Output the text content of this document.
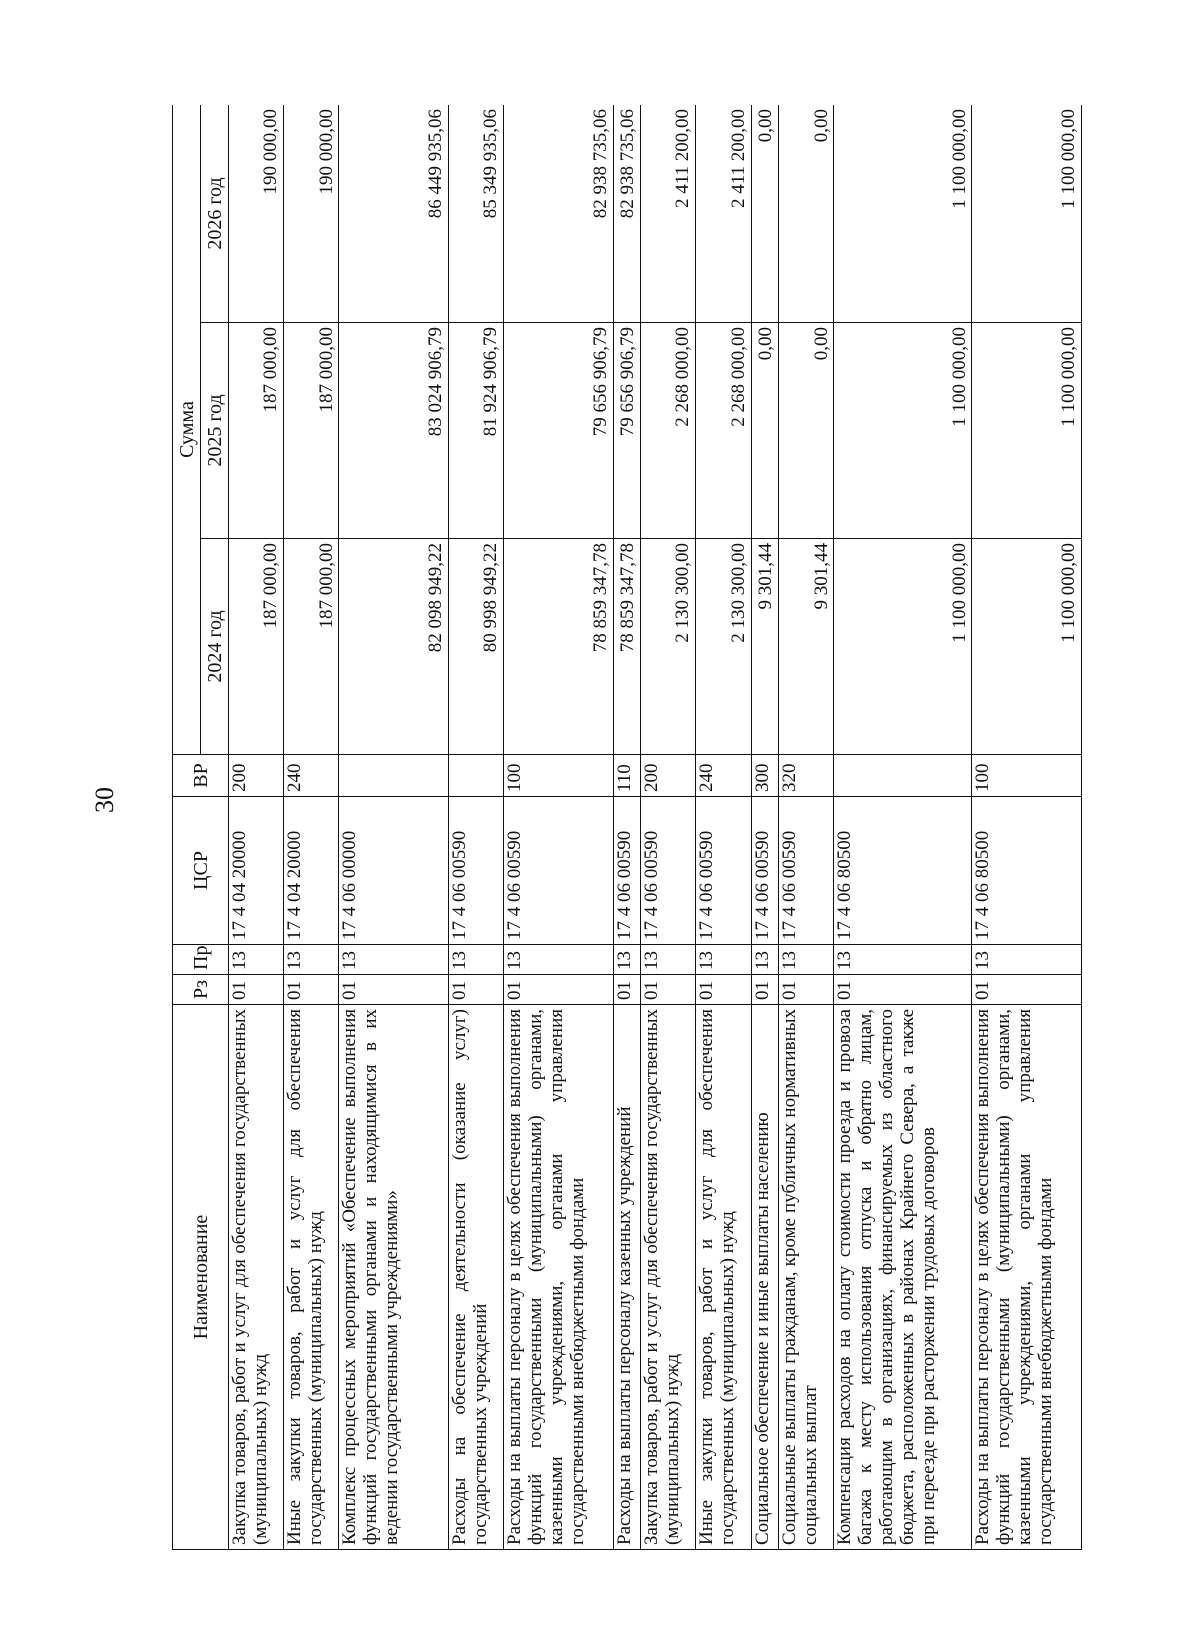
30
Наименование	Рз	Пр	ЦСР	ВР	Сумма		
					2024 год	2025 год	2026 год
Закупка товаров, работ и услуг для обеспечения государственных (муниципальных) нужд	01	13	17 4 04 20000	200	187 000,00	187 000,00	190 000,00
Иные закупки товаров, работ и услуг для обеспечения государственных (муниципальных) нужд	01	13	17 4 04 20000	240	187 000,00	187 000,00	190 000,00
Комплекс процессных мероприятий «Обеспечение выполнения функций государственными органами и находящимися в их ведении государственными учреждениями»	01	13	17 4 06 00000		82 098 949,22	83 024 906,79	86 449 935,06
Расходы на обеспечение деятельности (оказание услуг) государственных учреждений	01	13	17 4 06 00590		80 998 949,22	81 924 906,79	85 349 935,06
Расходы на выплаты персоналу в целях обеспечения выполнения функций государственными (муниципальными) органами, казенными учреждениями, органами управления государственными внебюджетными фондами	01	13	17 4 06 00590	100	78 859 347,78	79 656 906,79	82 938 735,06
Расходы на выплаты персоналу казенных учреждений	01	13	17 4 06 00590	110	78 859 347,78	79 656 906,79	82 938 735,06
Закупка товаров, работ и услуг для обеспечения государственных (муниципальных) нужд	01	13	17 4 06 00590	200	2 130 300,00	2 268 000,00	2 411 200,00
Иные закупки товаров, работ и услуг для обеспечения государственных (муниципальных) нужд	01	13	17 4 06 00590	240	2 130 300,00	2 268 000,00	2 411 200,00
Социальное обеспечение и иные выплаты населению	01	13	17 4 06 00590	300	9 301,44	0,00	0,00
Социальные выплаты гражданам, кроме публичных нормативных социальных выплат	01	13	17 4 06 00590	320	9 301,44	0,00	0,00
Компенсация расходов на оплату стоимости проезда и провоза багажа к месту использования отпуска и обратно лицам, работающим в организациях, финансируемых из областного бюджета, расположенных в районах Крайнего Севера, а также при переезде при расторжении трудовых договоров	01	13	17 4 06 80500		1 100 000,00	1 100 000,00	1 100 000,00
Расходы на выплаты персоналу в целях обеспечения выполнения функций государственными (муниципальными) органами, казенными учреждениями, органами управления государственными внебюджетными фондами	01	13	17 4 06 80500	100	1 100 000,00	1 100 000,00	1 100 000,00
